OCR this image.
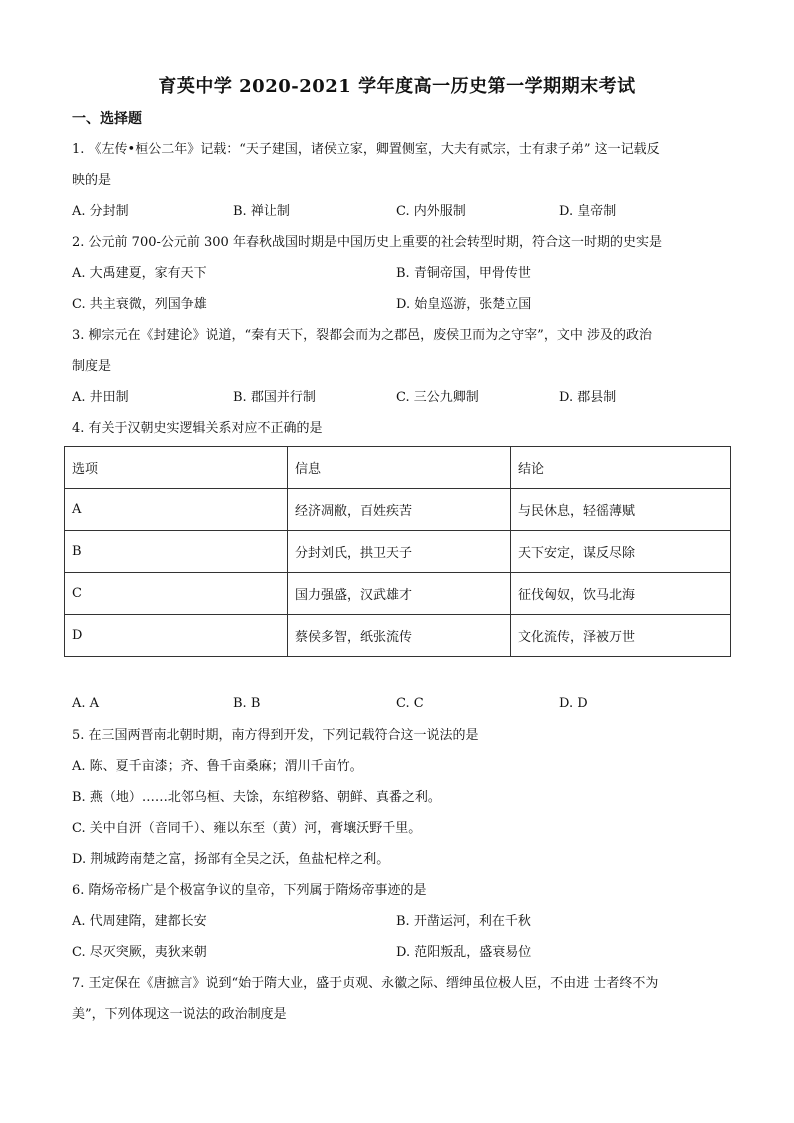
育英中学 2020-2021 学年度高一历史第一学期期末考试
一、选择题
1. 《左传•桓公二年》记载：“天子建国，诸侯立家，卿置侧室，大夫有贰宗，士有隶子弟” 这一记载反
映的是
A. 分封制	B. 禅让制	C. 内外服制	D. 皇帝制
2. 公元前 700-公元前 300 年春秋战国时期是中国历史上重要的社会转型时期，符合这一时期的史实是
A. 大禹建夏，家有天下	B. 青铜帝国，甲骨传世
C. 共主衰微，列国争雄	D. 始皇巡游，张楚立国
3. 柳宗元在《封建论》说道，“秦有天下，裂都会而为之郡邑，废侯卫而为之守宰”，文中 涉及的政治
制度是
A. 井田制	B. 郡国并行制	C. 三公九卿制	D. 郡县制
4. 有关于汉朝史实逻辑关系对应不正确的是
选项	信息	结论
A	经济凋敝，百姓疾苦	与民休息，轻徭薄赋
B	分封刘氏，拱卫天子	天下安定，谋反尽除
C	国力强盛，汉武雄才	征伐匈奴，饮马北海
D	蔡侯多智，纸张流传	文化流传，泽被万世
A. A	B. B	C. C	D. D
5. 在三国两晋南北朝时期，南方得到开发，下列记载符合这一说法的是
A. 陈、夏千亩漆；齐、鲁千亩桑麻；渭川千亩竹。
B. 燕（地）……北邻乌桓、夫馀，东绾秽貉、朝鲜、真番之利。
C. 关中自汧（音同千）、雍以东至（黄）河，膏壤沃野千里。
D. 荆城跨南楚之富，扬部有全吴之沃，鱼盐杞梓之利。
6. 隋炀帝杨广是个极富争议的皇帝，下列属于隋炀帝事迹的是
A. 代周建隋，建都长安	B. 开凿运河，利在千秋
C. 尽灭突厥，夷狄来朝	D. 范阳叛乱，盛衰易位
7. 王定保在《唐摭言》说到“始于隋大业，盛于贞观、永徽之际、缙绅虽位极人臣，不由进 士者终不为
美”，下列体现这一说法的政治制度是
